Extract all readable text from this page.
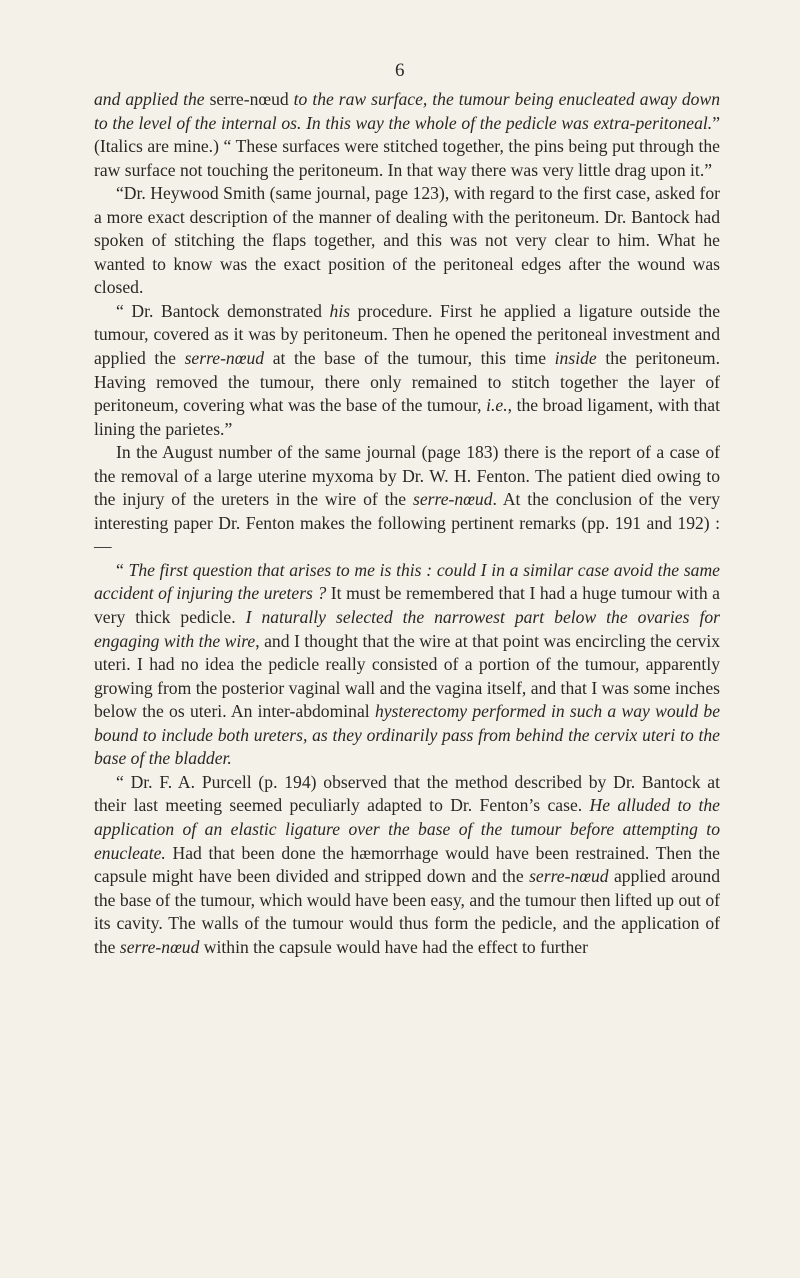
6

and applied the serre-nœud to the raw surface, the tumour being enucleated away down to the level of the internal os. In this way the whole of the pedicle was extra-peritoneal.” (Italics are mine.) “ These surfaces were stitched together, the pins being put through the raw surface not touching the peritoneum. In that way there was very little drag upon it.”

“Dr. Heywood Smith (same journal, page 123), with regard to the first case, asked for a more exact description of the manner of dealing with the peritoneum. Dr. Bantock had spoken of stitching the flaps together, and this was not very clear to him. What he wanted to know was the exact position of the peritoneal edges after the wound was closed.

“ Dr. Bantock demonstrated his procedure. First he applied a ligature outside the tumour, covered as it was by peritoneum. Then he opened the peritoneal investment and applied the serre-nœud at the base of the tumour, this time inside the peritoneum. Having removed the tumour, there only remained to stitch together the layer of peritoneum, covering what was the base of the tumour, i.e., the broad ligament, with that lining the parietes.”

In the August number of the same journal (page 183) there is the report of a case of the removal of a large uterine myxoma by Dr. W. H. Fenton. The patient died owing to the injury of the ureters in the wire of the serre-nœud. At the conclusion of the very interesting paper Dr. Fenton makes the following pertinent remarks (pp. 191 and 192) :—

“ The first question that arises to me is this : could I in a similar case avoid the same accident of injuring the ureters ? It must be remembered that I had a huge tumour with a very thick pedicle. I naturally selected the narrowest part below the ovaries for engaging with the wire, and I thought that the wire at that point was encircling the cervix uteri. I had no idea the pedicle really consisted of a portion of the tumour, apparently growing from the posterior vaginal wall and the vagina itself, and that I was some inches below the os uteri. An inter-abdominal hysterectomy performed in such a way would be bound to include both ureters, as they ordinarily pass from behind the cervix uteri to the base of the bladder.

“ Dr. F. A. Purcell (p. 194) observed that the method described by Dr. Bantock at their last meeting seemed peculiarly adapted to Dr. Fenton’s case. He alluded to the application of an elastic ligature over the base of the tumour before attempting to enucleate. Had that been done the hæmorrhage would have been restrained. Then the capsule might have been divided and stripped down and the serre-nœud applied around the base of the tumour, which would have been easy, and the tumour then lifted up out of its cavity. The walls of the tumour would thus form the pedicle, and the application of the serre-nœud within the capsule would have had the effect to further
